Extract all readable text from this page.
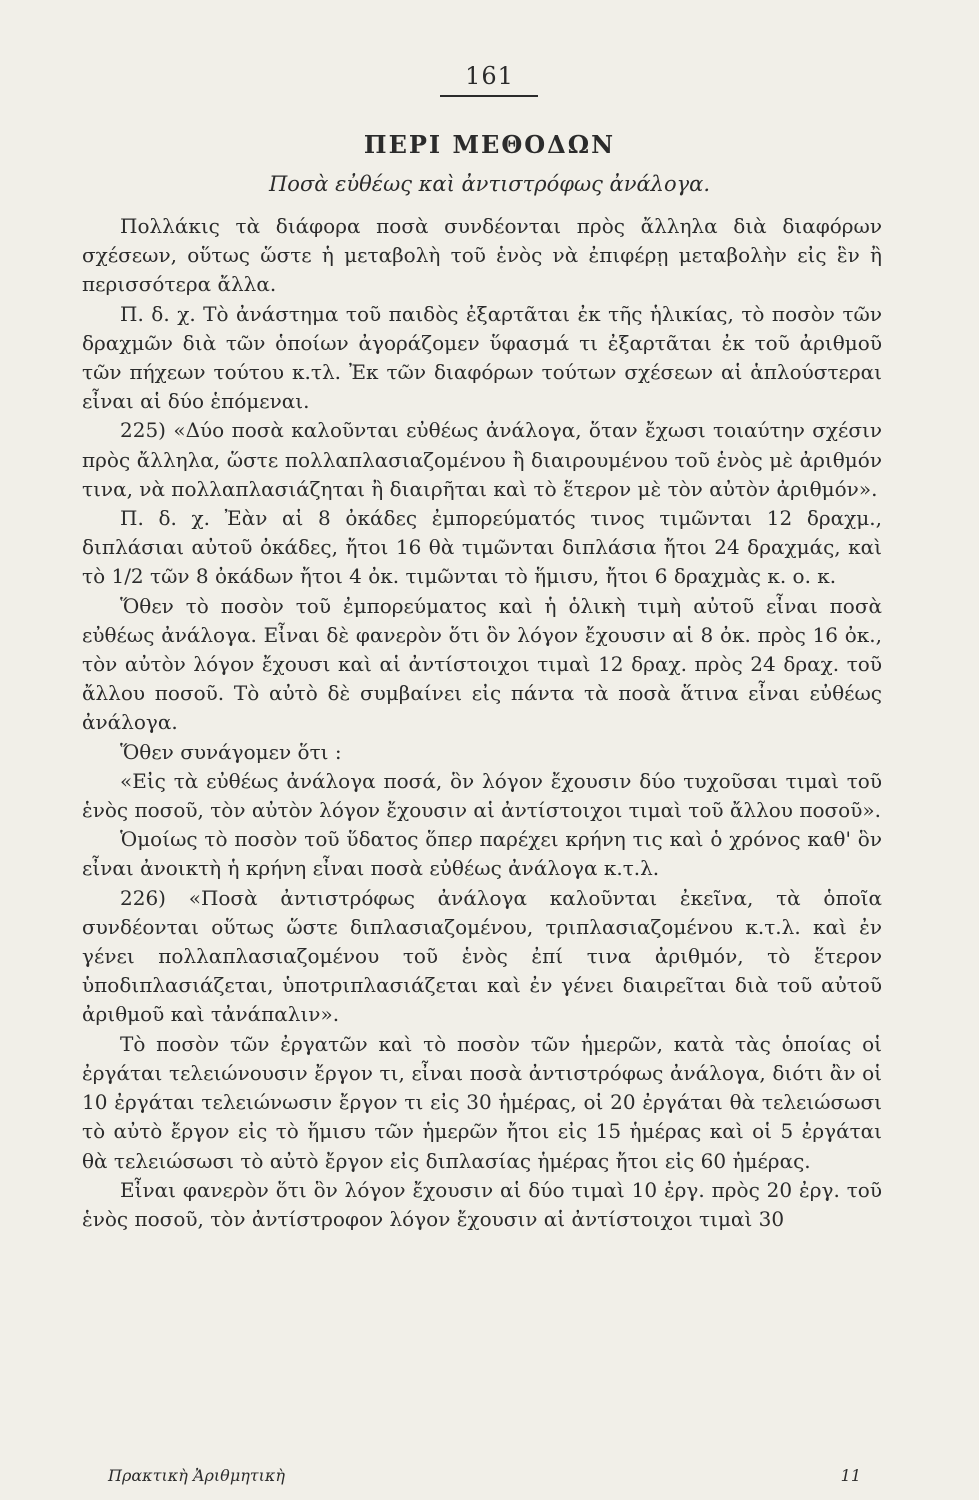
161
ΠΕΡΙ ΜΕΘΟΔΩΝ
Ποσὰ εὐθέως καὶ ἀντιστρόφως ἀνάλογα.

Πολλάκις τὰ διάφορα ποσὰ συνδέονται πρὸς ἄλληλα διὰ διαφόρων σχέσεων, οὕτως ὥστε ἡ μεταβολὴ τοῦ ἑνὸς νὰ ἐπιφέρῃ μεταβολὴν εἰς ἓν ἢ περισσότερα ἄλλα.

Π. δ. χ. Τὸ ἀνάστημα τοῦ παιδὸς ἐξαρτᾶται ἐκ τῆς ἡλικίας, τὸ ποσὸν τῶν δραχμῶν διὰ τῶν ὁποίων ἀγοράζομεν ὕφασμά τι ἐξαρτᾶται ἐκ τοῦ ἀριθμοῦ τῶν πήχεων τούτου κ.τλ. Ἐκ τῶν διαφόρων τούτων σχέσεων αἱ ἁπλούστεραι εἶναι αἱ δύο ἑπόμεναι.

225) «Δύο ποσὰ καλοῦνται εὐθέως ἀνάλογα, ὅταν ἔχωσι τοιαύτην σχέσιν πρὸς ἄλληλα, ὥστε πολλαπλασιαζομένου ἢ διαιρουμένου τοῦ ἑνὸς μὲ ἀριθμόν τινα, νὰ πολλαπλασιάζηται ἢ διαιρῆται καὶ τὸ ἕτερον μὲ τὸν αὐτὸν ἀριθμόν».

Π. δ. χ. Ἐὰν αἱ 8 ὀκάδες ἐμπορεύματός τινος τιμῶνται 12 δραχμ., διπλάσιαι αὐτοῦ ὀκάδες, ἤτοι 16 θὰ τιμῶνται διπλάσια ἤτοι 24 δραχμάς, καὶ τὸ 1/2 τῶν 8 ὀκάδων ἤτοι 4 ὀκ. τιμῶνται τὸ ἥμισυ, ἤτοι 6 δραχμὰς κ. ο. κ.

Ὅθεν τὸ ποσὸν τοῦ ἐμπορεύματος καὶ ἡ ὁλικὴ τιμὴ αὐτοῦ εἶναι ποσὰ εὐθέως ἀνάλογα. Εἶναι δὲ φανερὸν ὅτι ὃν λόγον ἔχουσιν αἱ 8 ὀκ. πρὸς 16 ὀκ., τὸν αὐτὸν λόγον ἔχουσι καὶ αἱ ἀντίστοιχοι τιμαὶ 12 δραχ. πρὸς 24 δραχ. τοῦ ἄλλου ποσοῦ. Τὸ αὐτὸ δὲ συμβαίνει εἰς πάντα τὰ ποσὰ ἅτινα εἶναι εὐθέως ἀνάλογα.

Ὅθεν συνάγομεν ὅτι :

«Εἰς τὰ εὐθέως ἀνάλογα ποσά, ὃν λόγον ἔχουσιν δύο τυχοῦσαι τιμαὶ τοῦ ἑνὸς ποσοῦ, τὸν αὐτὸν λόγον ἔχουσιν αἱ ἀντίστοιχοι τιμαὶ τοῦ ἄλλου ποσοῦ».

Ὁμοίως τὸ ποσὸν τοῦ ὕδατος ὅπερ παρέχει κρήνη τις καὶ ὁ χρόνος καθ' ὃν εἶναι ἀνοικτὴ ἡ κρήνη εἶναι ποσὰ εὐθέως ἀνάλογα κ.τ.λ.

226) «Ποσὰ ἀντιστρόφως ἀνάλογα καλοῦνται ἐκεῖνα, τὰ ὁποῖα συνδέονται οὕτως ὥστε διπλασιαζομένου, τριπλασιαζομένου κ.τ.λ. καὶ ἐν γένει πολλαπλασιαζομένου τοῦ ἑνὸς ἐπί τινα ἀριθμόν, τὸ ἕτερον ὑποδιπλασιάζεται, ὑποτριπλασιάζεται καὶ ἐν γένει διαιρεῖται διὰ τοῦ αὐτοῦ ἀριθμοῦ καὶ τἀνάπαλιν».

Τὸ ποσὸν τῶν ἐργατῶν καὶ τὸ ποσὸν τῶν ἡμερῶν, κατὰ τὰς ὁποίας οἱ ἐργάται τελειώνουσιν ἔργον τι, εἶναι ποσὰ ἀντιστρόφως ἀνάλογα, διότι ἂν οἱ 10 ἐργάται τελειώνωσιν ἔργον τι εἰς 30 ἡμέρας, οἱ 20 ἐργάται θὰ τελειώσωσι τὸ αὐτὸ ἔργον εἰς τὸ ἥμισυ τῶν ἡμερῶν ἤτοι εἰς 15 ἡμέρας καὶ οἱ 5 ἐργάται θὰ τελειώσωσι τὸ αὐτὸ ἔργον εἰς διπλασίας ἡμέρας ἤτοι εἰς 60 ἡμέρας.

Εἶναι φανερὸν ὅτι ὃν λόγον ἔχουσιν αἱ δύο τιμαὶ 10 ἐργ. πρὸς 20 ἐργ. τοῦ ἑνὸς ποσοῦ, τὸν ἀντίστροφον λόγον ἔχουσιν αἱ ἀντίστοιχοι τιμαὶ 30

Πρακτικὴ Ἀριθμητικὴ	11
